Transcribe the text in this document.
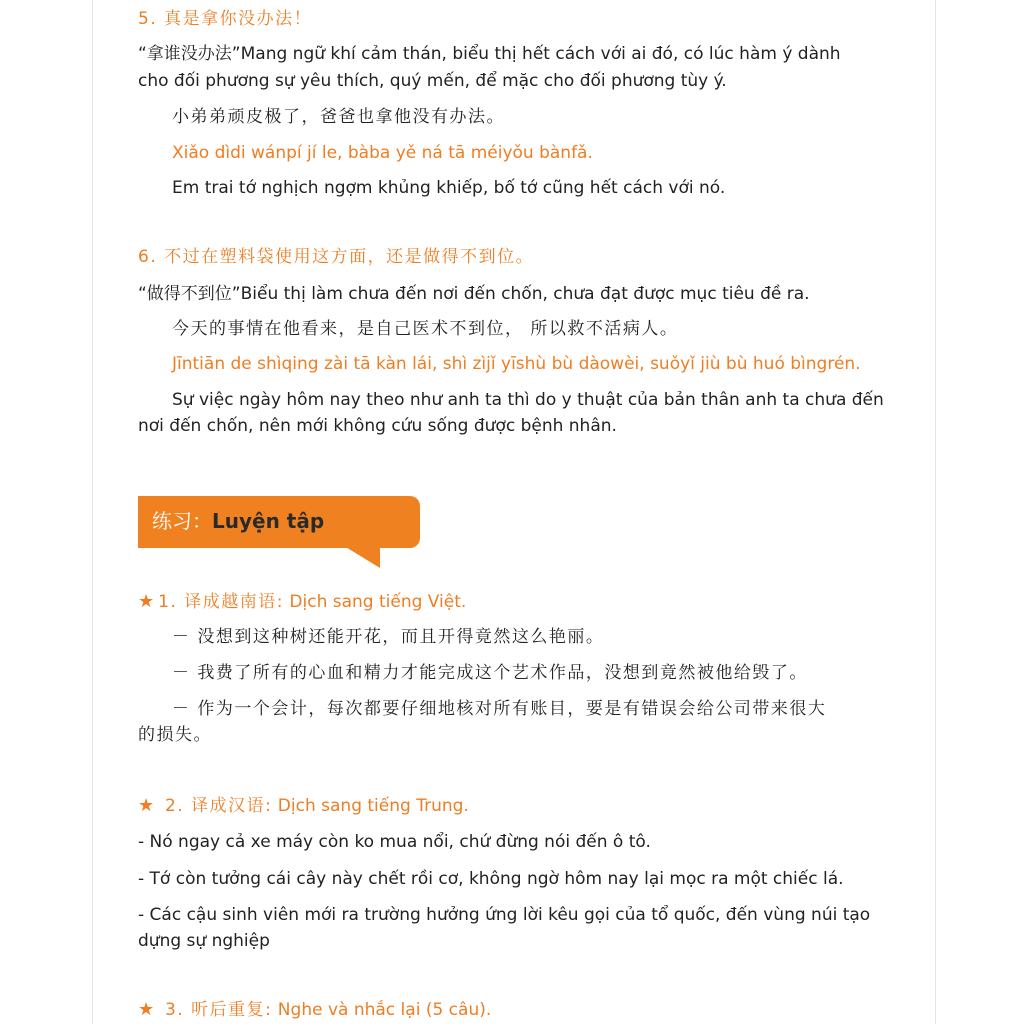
5. 真是拿你没办法！
“拿谁没办法”Mang ngữ khí cảm thán, biểu thị hết cách với ai đó, có lúc hàm ý dành
cho đối phương sự yêu thích, quý mến, để mặc cho đối phương tùy ý.
小弟弟顽皮极了，爸爸也拿他没有办法。
Xiǎo dìdi wánpí jí le, bàba yě ná tā méiyǒu bànfǎ.
Em trai tớ nghịch ngợm khủng khiếp, bố tớ cũng hết cách với nó.
6. 不过在塑料袋使用这方面，还是做得不到位。
“做得不到位”Biểu thị làm chưa đến nơi đến chốn, chưa đạt được mục tiêu đề ra.
今天的事情在他看来，是自己医术不到位， 所以救不活病人。
Jīntiān de shìqing zài tā kàn lái, shì zìjǐ yīshù bù dàowèi, suǒyǐ jiù bù huó bìngrén.
Sự việc ngày hôm nay theo như anh ta thì do y thuật của bản thân anh ta chưa đến
nơi đến chốn, nên mới không cứu sống được bệnh nhân.
练习：Luyện tập
★ 1. 译成越南语: Dịch sang tiếng Việt.
－ 没想到这种树还能开花，而且开得竟然这么艳丽。
－ 我费了所有的心血和精力才能完成这个艺术作品，没想到竟然被他给毁了。
－ 作为一个会计，每次都要仔细地核对所有账目，要是有错误会给公司带来很大
的损失。
★ 2. 译成汉语: Dịch sang tiếng Trung.
- Nó ngay cả xe máy còn ko mua nổi, chứ đừng nói đến ô tô.
- Tớ còn tưởng cái cây này chết rồi cơ, không ngờ hôm nay lại mọc ra một chiếc lá.
- Các cậu sinh viên mới ra trường hưởng ứng lời kêu gọi của tổ quốc, đến vùng núi tạo
dựng sự nghiệp
★ 3. 听后重复: Nghe và nhắc lại (5 câu).
